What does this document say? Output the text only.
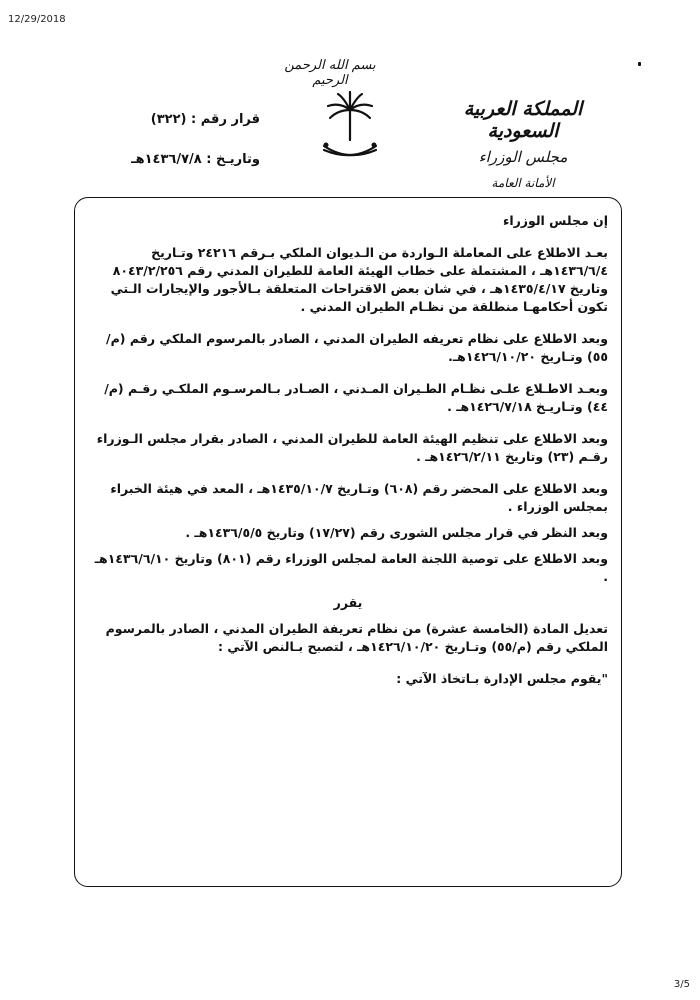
12/29/2018
بسم الله الرحمن الرحيم
قرار رقم : (٣٢٢)
وتاريـخ : ١٤٣٦/٧/٨هـ
المملكة العربية السعودية
مجلس الوزراء
الأمانة العامة
إن مجلس الوزراء
بعـد الاطلاع على المعاملة الـواردة من الـديوان الملكي بـرقم ٢٤٢١٦ وتـاريخ ١٤٣٦/٦/٤هـ ، المشتملة على خطاب الهيئة العامة للطيران المدني رقم ٨٠٤٣/٢/٢٥٦ وتاريخ ١٤٣٥/٤/١٧هـ ، في شان بعض الاقتراحات المتعلقة بـالأجور والإيجارات الـتي تكون أحكامهـا منطلقة من نظـام الطيران المدني .
وبعد الاطلاع على نظام تعريفه الطيران المدني ، الصادر بالمرسوم الملكي رقم (م/٥٥) وتـاريخ ١٤٢٦/١٠/٢٠هـ.
وبعـد الاطـلاع علـى نظـام الطـيران المـدني ، الصـادر بـالمرسـوم الملكـي رقـم (م/٤٤) وتـاريـخ ١٤٢٦/٧/١٨هـ .
وبعد الاطلاع على تنظيم الهيئة العامة للطيران المدني ، الصادر بقرار مجلس الـوزراء رقـم (٢٣) وتاريخ ١٤٢٦/٢/١١هـ .
وبعد الاطلاع على المحضر رقم (٦٠٨) وتـاريخ ١٤٣٥/١٠/٧هـ ، المعد في هيئة الخبراء بمجلس الوزراء .
وبعد النظر في قرار مجلس الشورى رقم (١٧/٢٧) وتاريخ ١٤٣٦/٥/٥هـ .
وبعد الاطلاع على توصية اللجنة العامة لمجلس الوزراء رقم (٨٠١) وتاريخ ١٤٣٦/٦/١٠هـ .
يقرر
تعديل المادة (الخامسة عشرة) من نظام تعريفة الطيران المدني ، الصادر بالمرسوم الملكي رقم (م/٥٥) وتـاريخ ١٤٢٦/١٠/٢٠هـ ، لتصبح بـالنص الآتي :
"يقوم مجلس الإدارة بـاتخاذ الآتي :
3/5
